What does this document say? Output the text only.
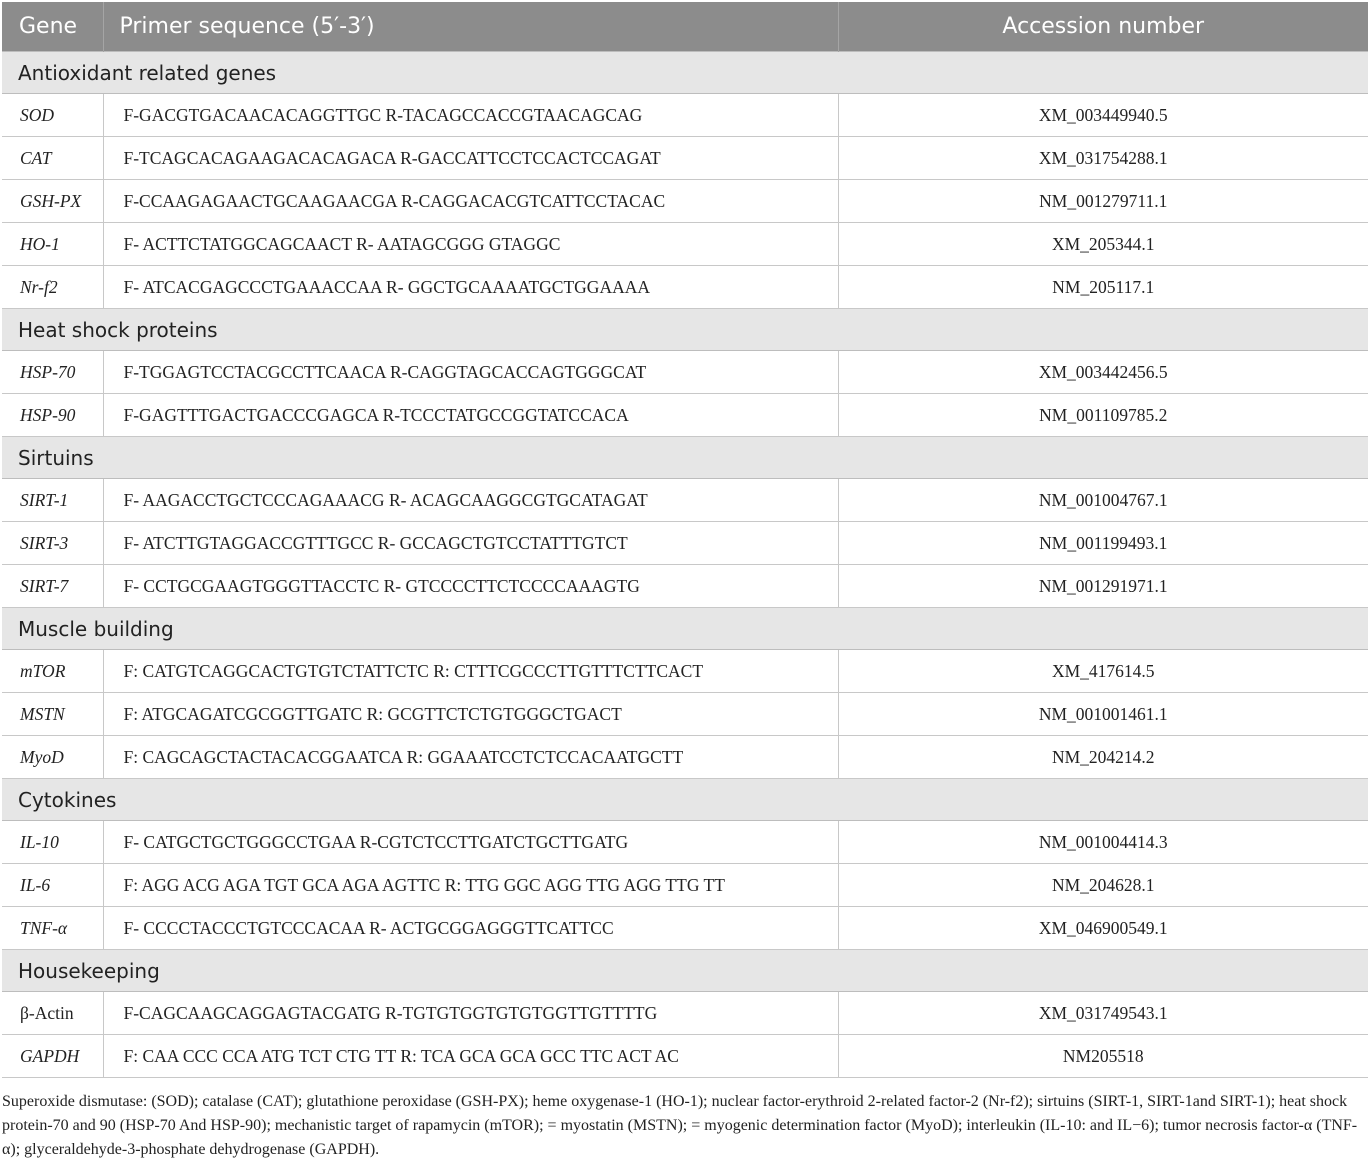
Gene	Primer sequence (5′-3′)	Accession number
Antioxidant related genes		
SOD	F-GACGTGACAACACAGGTTGC R-TACAGCCACCGTAACAGCAG	XM_003449940.5
CAT	F-TCAGCACAGAAGACACAGACA R-GACCATTCCTCCACTCCAGAT	XM_031754288.1
GSH-PX	F-CCAAGAGAACTGCAAGAACGA R-CAGGACACGTCATTCCTACAC	NM_001279711.1
HO-1	F- ACTTCTATGGCAGCAACT R- AATAGCGGG GTAGGC	XM_205344.1
Nr-f2	F- ATCACGAGCCCTGAAACCAA R- GGCTGCAAAATGCTGGAAAA	NM_205117.1
Heat shock proteins		
HSP-70	F-TGGAGTCCTACGCCTTCAACA R-CAGGTAGCACCAGTGGGCAT	XM_003442456.5
HSP-90	F-GAGTTTGACTGACCCGAGCA R-TCCCTATGCCGGTATCCACA	NM_001109785.2
Sirtuins		
SIRT-1	F- AAGACCTGCTCCCAGAAACG R- ACAGCAAGGCGTGCATAGAT	NM_001004767.1
SIRT-3	F- ATCTTGTAGGACCGTTTGCC R- GCCAGCTGTCCTATTTGTCT	NM_001199493.1
SIRT-7	F- CCTGCGAAGTGGGTTACCTC R- GTCCCCTTCTCCCCAAAGTG	NM_001291971.1
Muscle building		
mTOR	F: CATGTCAGGCACTGTGTCTATTCTC R: CTTTCGCCCTTGTTTCTTCACT	XM_417614.5
MSTN	F: ATGCAGATCGCGGTTGATC R: GCGTTCTCTGTGGGCTGACT	NM_001001461.1
MyoD	F: CAGCAGCTACTACACGGAATCA R: GGAAATCCTCTCCACAATGCTT	NM_204214.2
Cytokines		
IL-10	F- CATGCTGCTGGGCCTGAA R-CGTCTCCTTGATCTGCTTGATG	NM_001004414.3
IL-6	F: AGG ACG AGA TGT GCA AGA AGTTC R: TTG GGC AGG TTG AGG TTG TT	NM_204628.1
TNF-α	F- CCCCTACCCTGTCCCACAA R- ACTGCGGAGGGTTCATTCC	XM_046900549.1
Housekeeping		
β-Actin	F-CAGCAAGCAGGAGTACGATG R-TGTGTGGTGTGTGGTTGTTTTG	XM_031749543.1
GAPDH	F: CAA CCC CCA ATG TCT CTG TT R: TCA GCA GCA GCC TTC ACT AC	NM205518
Superoxide dismutase: (SOD); catalase (CAT); glutathione peroxidase (GSH-PX); heme oxygenase-1 (HO-1); nuclear factor-erythroid 2-related factor-2 (Nr-f2); sirtuins (SIRT-1, SIRT-1and SIRT-1); heat shock protein-70 and 90 (HSP-70 And HSP-90); mechanistic target of rapamycin (mTOR); = myostatin (MSTN); = myogenic determination factor (MyoD); interleukin (IL-10: and IL−6); tumor necrosis factor-α (TNF-α); glyceraldehyde-3-phosphate dehydrogenase (GAPDH).
